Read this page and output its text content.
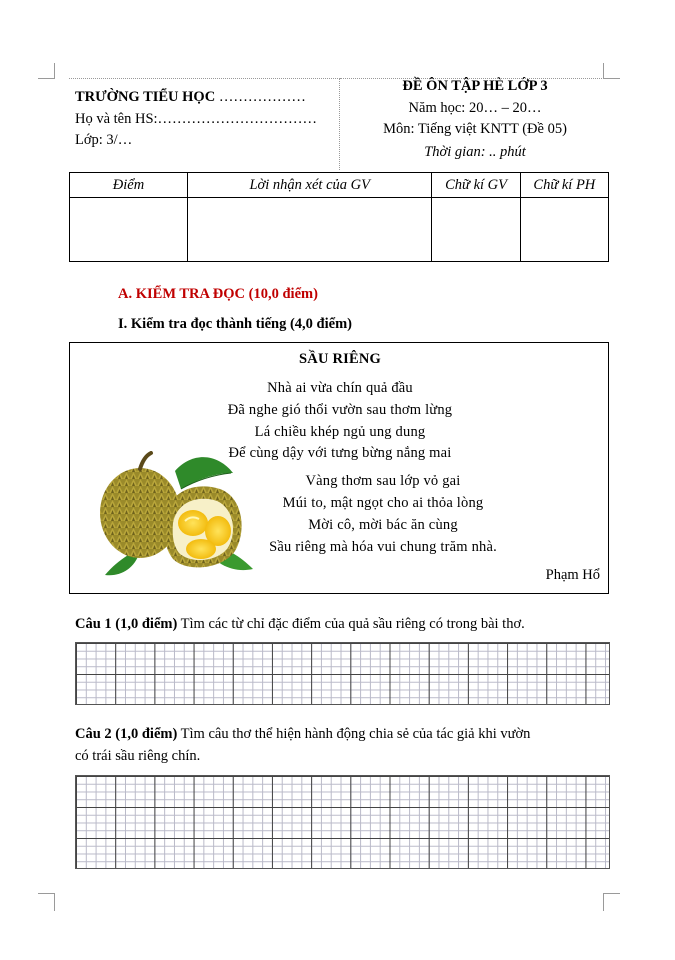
TRƯỜNG TIỂU HỌC ………………
Họ và tên HS:……………………………
Lớp: 3/…
ĐỀ ÔN TẬP HÈ LỚP 3
Năm học: 20… – 20…
Môn: Tiếng việt KNTT (Đề 05)
Thời gian: .. phút
Điểm	Lời nhận xét của GV	Chữ kí GV	Chữ kí PH

A. KIỂM TRA ĐỌC (10,0 điểm)
I. Kiểm tra đọc thành tiếng (4,0 điểm)
SẦU RIÊNG
Nhà ai vừa chín quả đầu
Đã nghe gió thổi vườn sau thơm lừng
Lá chiều khép ngủ ung dung
Để cùng dậy với tưng bừng nắng mai
Vàng thơm sau lớp vỏ gai
Múi to, mật ngọt cho ai thỏa lòng
Mời cô, mời bác ăn cùng
Sầu riêng mà hóa vui chung trăm nhà.
Phạm Hổ
Câu 1 (1,0 điểm) Tìm các từ chỉ đặc điểm của quả sầu riêng có trong bài thơ.
Câu 2 (1,0 điểm) Tìm câu thơ thể hiện hành động chia sẻ của tác giả khi vườn
có trái sầu riêng chín.
